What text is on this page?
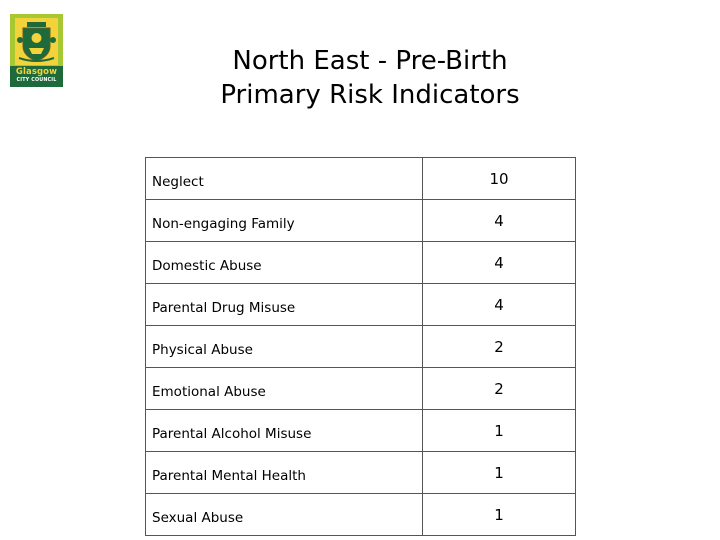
Glasgow
CITY COUNCIL
North East - Pre-Birth
Primary Risk Indicators
Neglect	10
Non-engaging Family	4
Domestic Abuse	4
Parental Drug Misuse	4
Physical Abuse	2
Emotional Abuse	2
Parental Alcohol Misuse	1
Parental Mental Health	1
Sexual Abuse	1
